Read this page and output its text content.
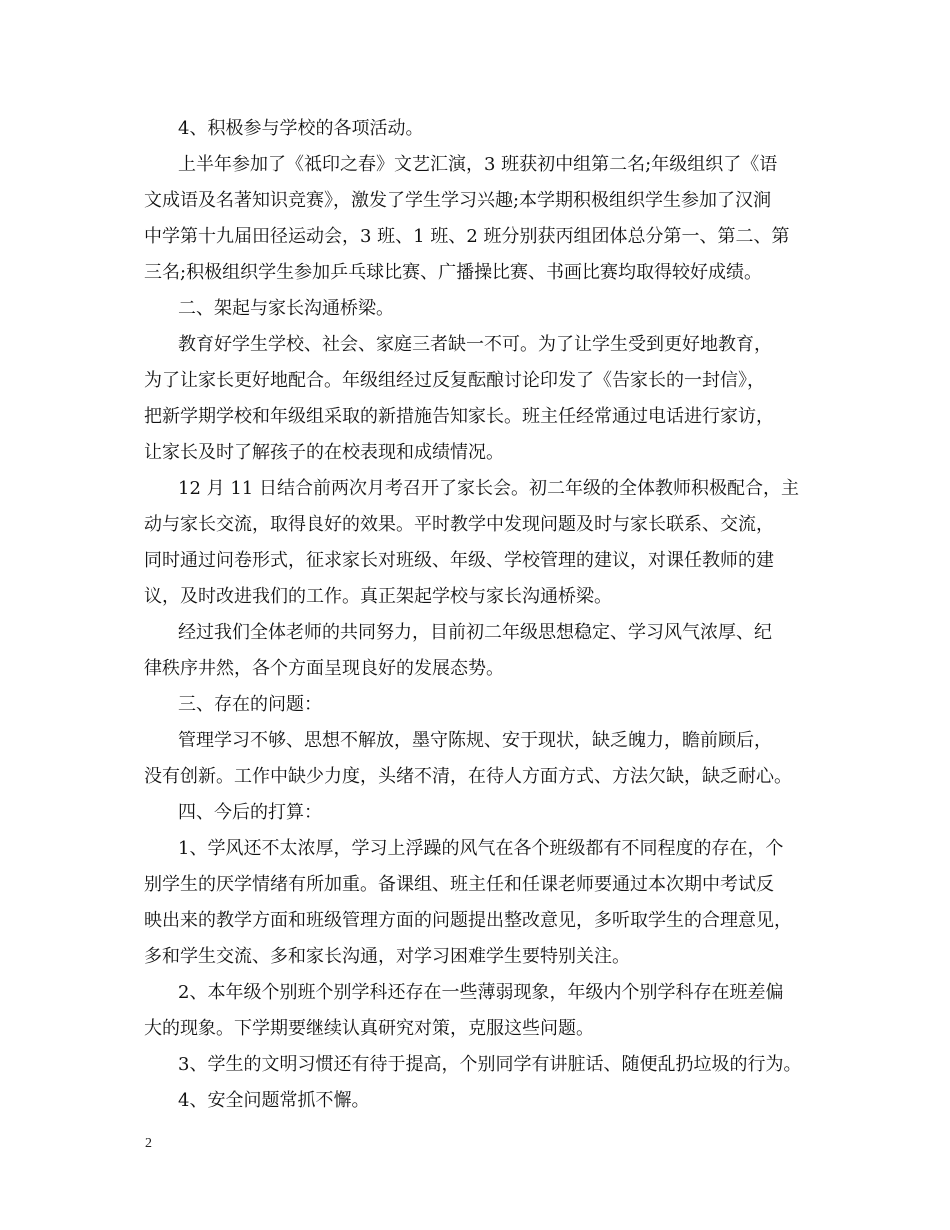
4、积极参与学校的各项活动。
上半年参加了《祗印之春》文艺汇演，3 班获初中组第二名;年级组织了《语
文成语及名著知识竞赛》，激发了学生学习兴趣;本学期积极组织学生参加了汉涧
中学第十九届田径运动会，3 班、1 班、2 班分别获丙组团体总分第一、第二、第
三名;积极组织学生参加乒乓球比赛、广播操比赛、书画比赛均取得较好成绩。
二、架起与家长沟通桥梁。
教育好学生学校、社会、家庭三者缺一不可。为了让学生受到更好地教育，
为了让家长更好地配合。年级组经过反复酝酿讨论印发了《告家长的一封信》，
把新学期学校和年级组采取的新措施告知家长。班主任经常通过电话进行家访，
让家长及时了解孩子的在校表现和成绩情况。
12 月 11 日结合前两次月考召开了家长会。初二年级的全体教师积极配合，主
动与家长交流，取得良好的效果。平时教学中发现问题及时与家长联系、交流，
同时通过问卷形式，征求家长对班级、年级、学校管理的建议，对课任教师的建
议，及时改进我们的工作。真正架起学校与家长沟通桥梁。
经过我们全体老师的共同努力，目前初二年级思想稳定、学习风气浓厚、纪
律秩序井然，各个方面呈现良好的发展态势。
三、存在的问题：
管理学习不够、思想不解放，墨守陈规、安于现状，缺乏魄力，瞻前顾后，
没有创新。工作中缺少力度，头绪不清，在待人方面方式、方法欠缺，缺乏耐心。
四、今后的打算：
1、学风还不太浓厚，学习上浮躁的风气在各个班级都有不同程度的存在，个
别学生的厌学情绪有所加重。备课组、班主任和任课老师要通过本次期中考试反
映出来的教学方面和班级管理方面的问题提出整改意见，多听取学生的合理意见，
多和学生交流、多和家长沟通，对学习困难学生要特别关注。
2、本年级个别班个别学科还存在一些薄弱现象，年级内个别学科存在班差偏
大的现象。下学期要继续认真研究对策，克服这些问题。
3、学生的文明习惯还有待于提高，个别同学有讲脏话、随便乱扔垃圾的行为。
4、安全问题常抓不懈。
2
